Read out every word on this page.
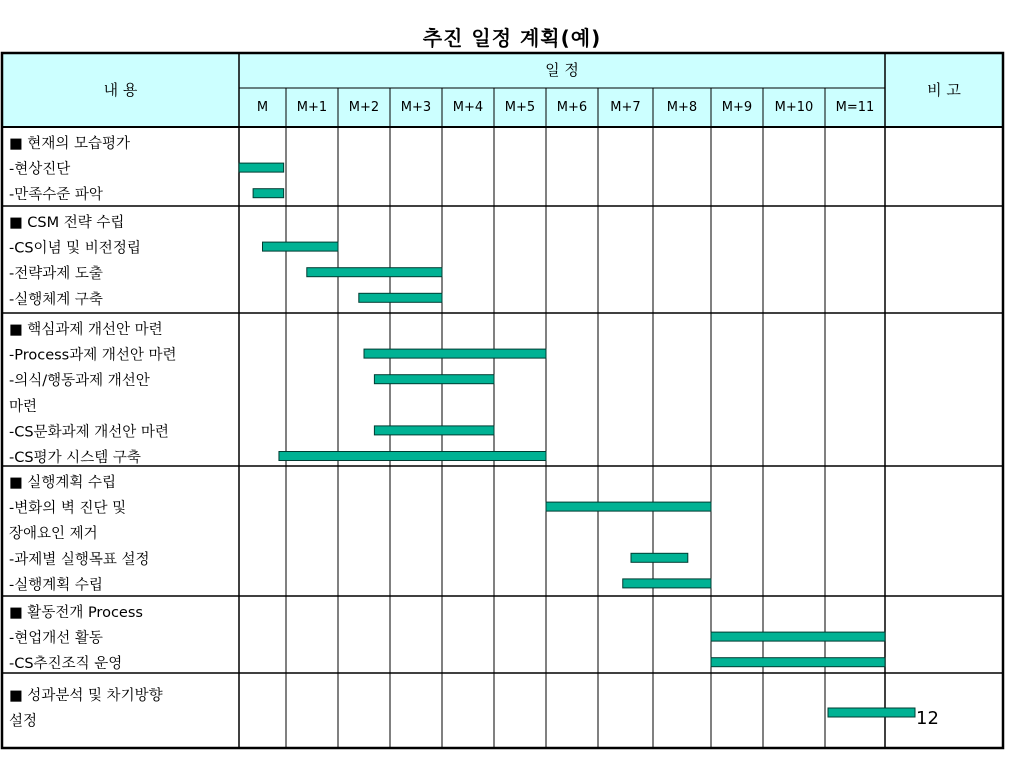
추진 일정 계획(예)
내 용
일 정
비 고
M M+1 M+2 M+3 M+4 M+5 M+6 M+7 M+8 M+9 M+10 M=11
■ 현재의 모습평가
-현상진단
-만족수준 파악
■ CSM 전략 수립
-CS이념 및 비전정립
-전략과제 도출
-실행체계 구축
■ 핵심과제 개선안 마련
-Process과제 개선안 마련
-의식/행동과제 개선안
마련
-CS문화과제 개선안 마련
-CS평가 시스템 구축
■ 실행계획 수립
-변화의 벽 진단 및
장애요인 제거
-과제별 실행목표 설정
-실행계획 수립
■ 활동전개 Process
-현업개선 활동
-CS추진조직 운영
■ 성과분석 및 차기방향
설정	12
